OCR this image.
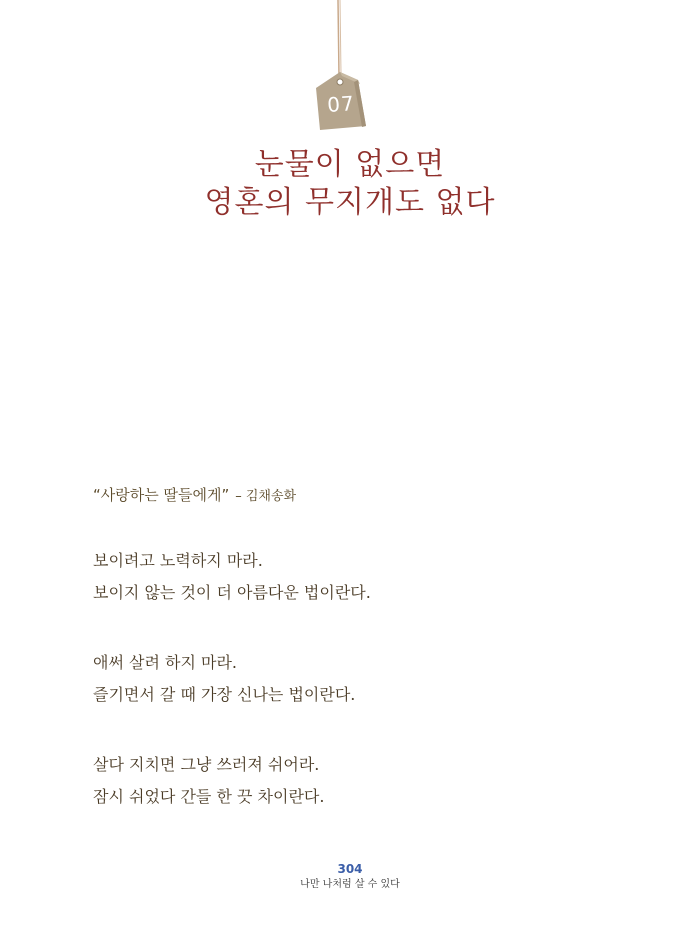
07
눈물이 없으면
영혼의 무지개도 없다
“사랑하는 딸들에게” – 김채송화
보이려고 노력하지 마라.
보이지 않는 것이 더 아름다운 법이란다.
애써 살려 하지 마라.
즐기면서 갈 때 가장 신나는 법이란다.
살다 지치면 그냥 쓰러져 쉬어라.
잠시 쉬었다 간들 한 끗 차이란다.
304
나만 나처럼 살 수 있다
